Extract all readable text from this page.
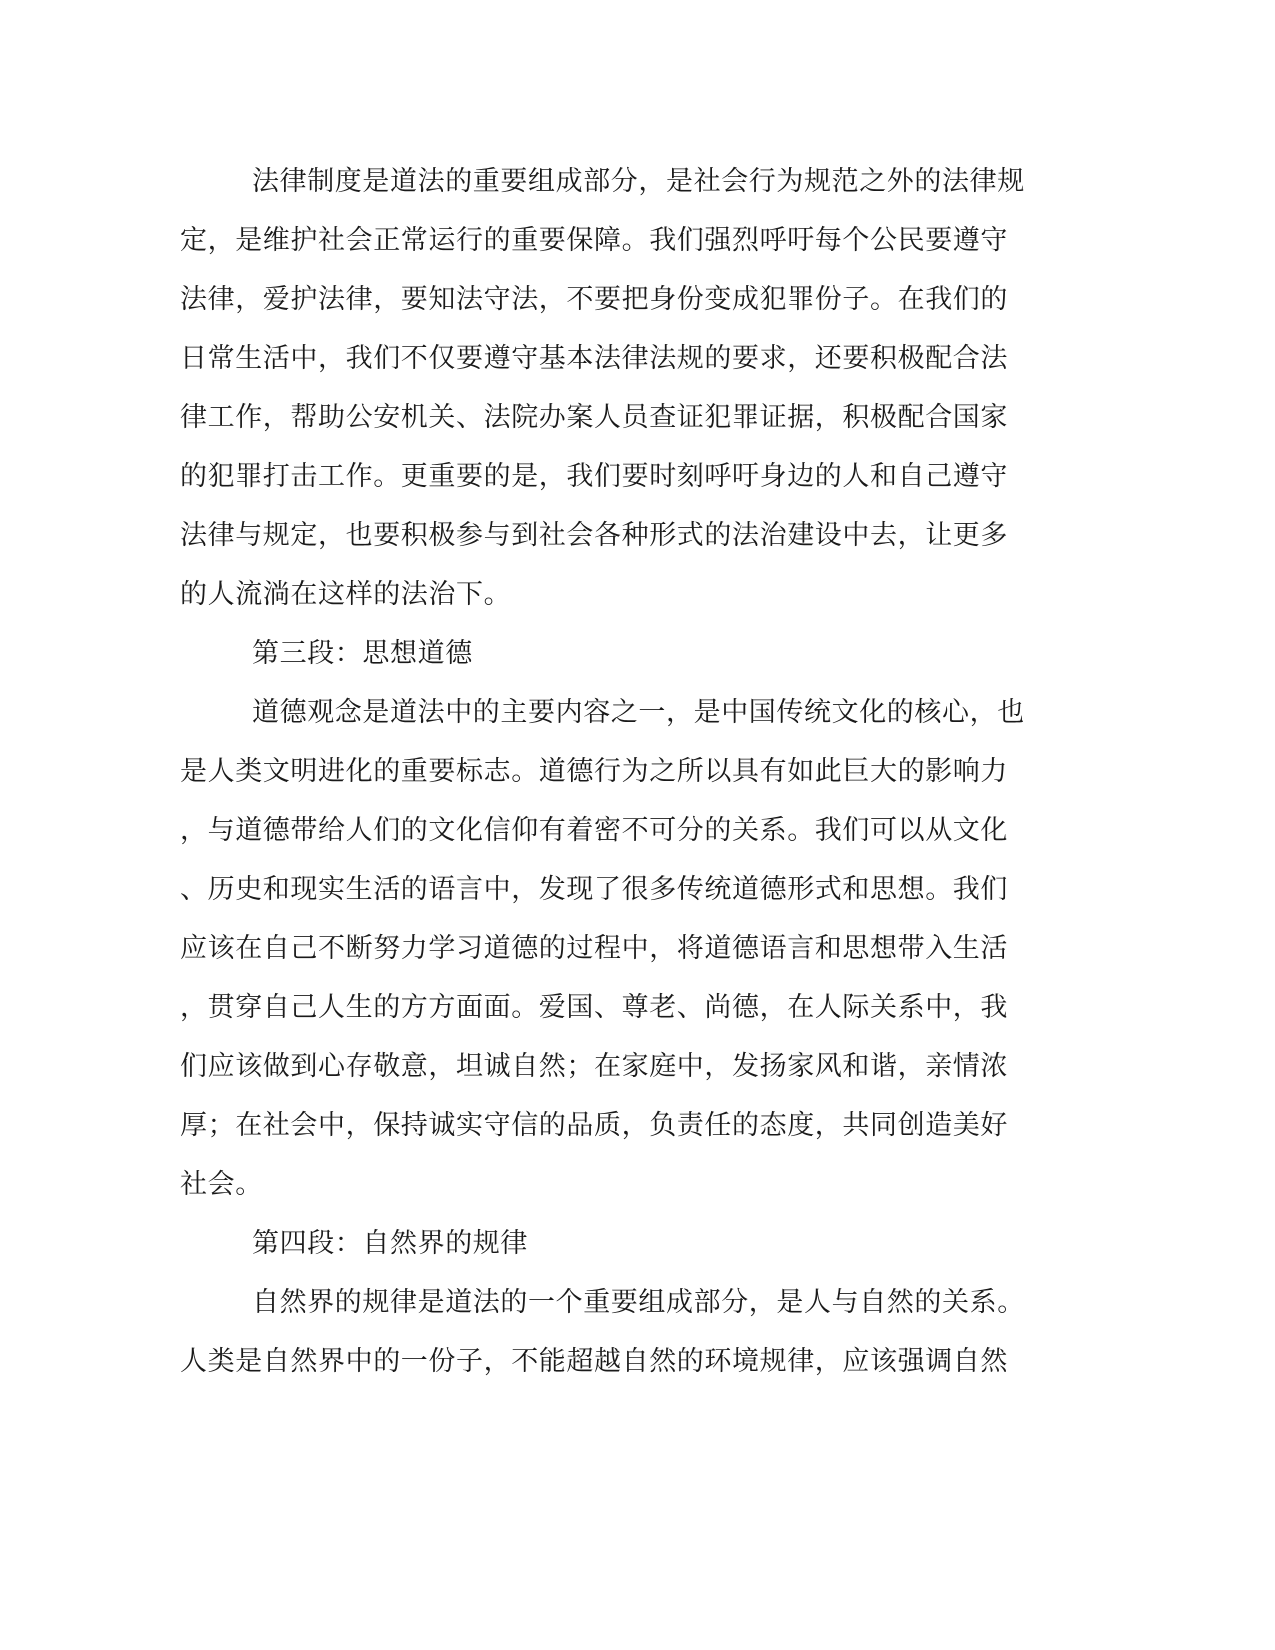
法律制度是道法的重要组成部分，是社会行为规范之外的法律规

定，是维护社会正常运行的重要保障。我们强烈呼吁每个公民要遵守

法律，爱护法律，要知法守法，不要把身份变成犯罪份子。在我们的

日常生活中，我们不仅要遵守基本法律法规的要求，还要积极配合法

律工作，帮助公安机关、法院办案人员查证犯罪证据，积极配合国家

的犯罪打击工作。更重要的是，我们要时刻呼吁身边的人和自己遵守

法律与规定，也要积极参与到社会各种形式的法治建设中去，让更多

的人流淌在这样的法治下。

第三段：思想道德

道德观念是道法中的主要内容之一，是中国传统文化的核心，也

是人类文明进化的重要标志。道德行为之所以具有如此巨大的影响力

，与道德带给人们的文化信仰有着密不可分的关系。我们可以从文化

、历史和现实生活的语言中，发现了很多传统道德形式和思想。我们

应该在自己不断努力学习道德的过程中，将道德语言和思想带入生活

，贯穿自己人生的方方面面。爱国、尊老、尚德，在人际关系中，我

们应该做到心存敬意，坦诚自然；在家庭中，发扬家风和谐，亲情浓

厚；在社会中，保持诚实守信的品质，负责任的态度，共同创造美好

社会。

第四段：自然界的规律

自然界的规律是道法的一个重要组成部分，是人与自然的关系。

人类是自然界中的一份子，不能超越自然的环境规律，应该强调自然
